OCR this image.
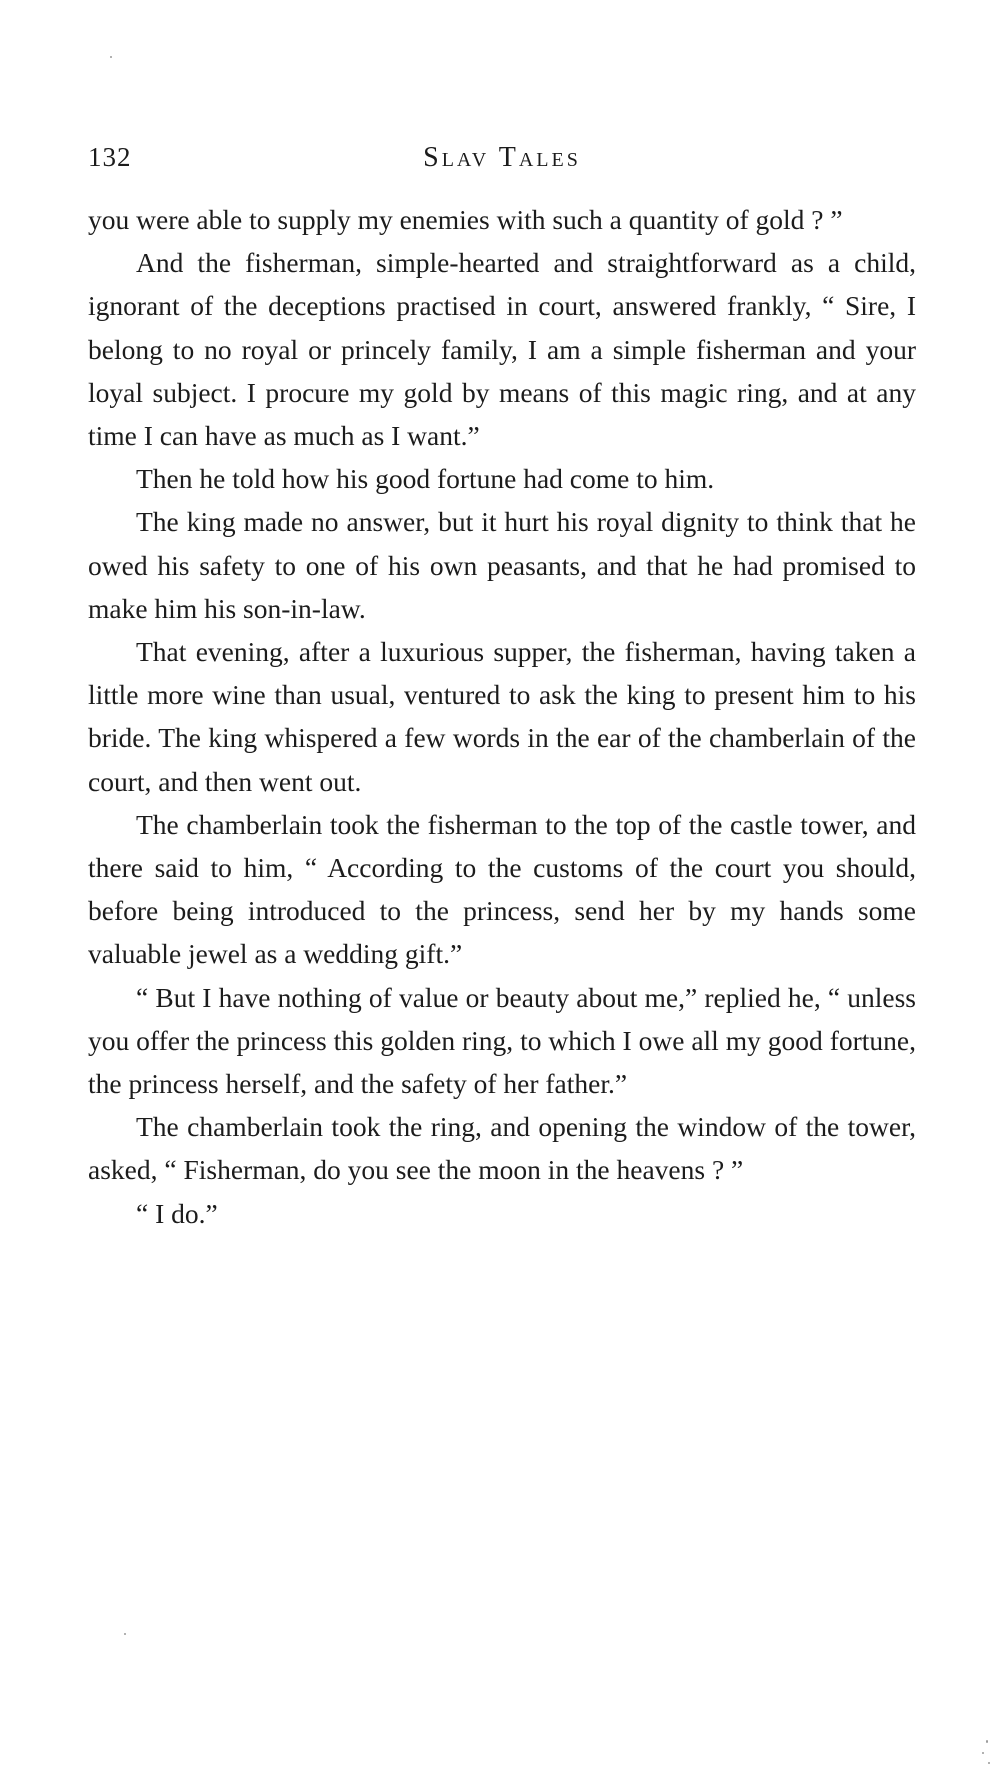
132	Slav Tales

you were able to supply my enemies with such a quantity of gold ? ”

And the fisherman, simple-hearted and straightforward as a child, ignorant of the deceptions practised in court, answered frankly, “ Sire, I belong to no royal or princely family, I am a simple fisherman and your loyal subject. I procure my gold by means of this magic ring, and at any time I can have as much as I want.”

Then he told how his good fortune had come to him.

The king made no answer, but it hurt his royal dignity to think that he owed his safety to one of his own peasants, and that he had promised to make him his son-in-law.

That evening, after a luxurious supper, the fisherman, having taken a little more wine than usual, ventured to ask the king to present him to his bride. The king whispered a few words in the ear of the chamberlain of the court, and then went out.

The chamberlain took the fisherman to the top of the castle tower, and there said to him, “ According to the customs of the court you should, before being introduced to the princess, send her by my hands some valuable jewel as a wedding gift.”

“ But I have nothing of value or beauty about me,” replied he, “ unless you offer the princess this golden ring, to which I owe all my good fortune, the princess herself, and the safety of her father.”

The chamberlain took the ring, and opening the window of the tower, asked, “ Fisherman, do you see the moon in the heavens ? ”

“ I do.”
